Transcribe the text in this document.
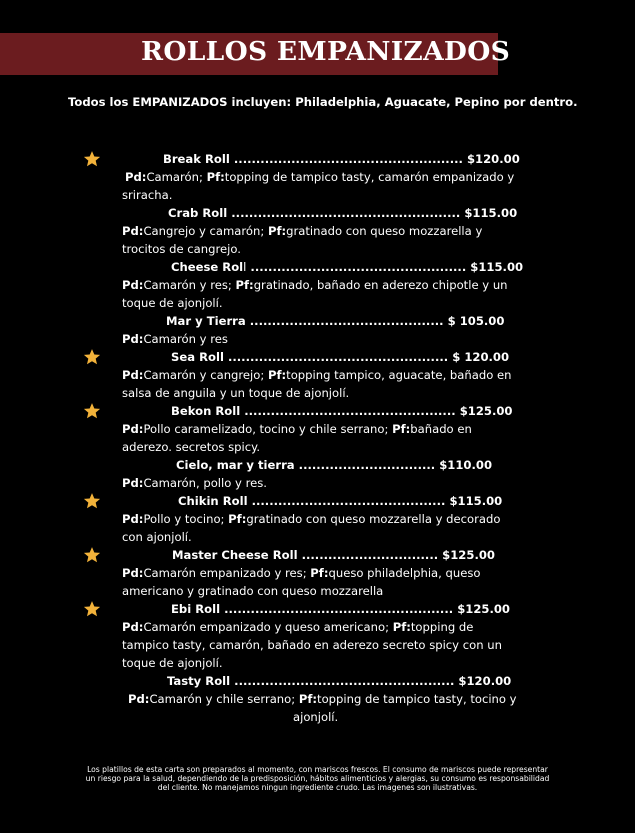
ROLLOS EMPANIZADOS
Todos los EMPANIZADOS incluyen: Philadelphia, Aguacate, Pepino por dentro.
Break Roll .................................................... $120.00
Pd:Camarón; Pf:topping de tampico tasty, camarón empanizado y
sriracha.
Crab Roll .................................................... $115.00
Pd:Cangrejo y camarón; Pf:gratinado con queso mozzarella y
trocitos de cangrejo.
Cheese Roll ................................................. $115.00
Pd:Camarón y res; Pf:gratinado, bañado en aderezo chipotle y un
toque de ajonjolí.
Mar y Tierra ............................................ $ 105.00
Pd:Camarón y res
Sea Roll .................................................. $ 120.00
Pd:Camarón y cangrejo; Pf:topping tampico, aguacate, bañado en
salsa de anguila y un toque de ajonjolí.
Bekon Roll ................................................ $125.00
Pd:Pollo caramelizado, tocino y chile serrano; Pf:bañado en
aderezo. secretos spicy.
Cielo, mar y tierra ............................... $110.00
Pd:Camarón, pollo y res.
Chikin Roll ............................................ $115.00
Pd:Pollo y tocino; Pf:gratinado con queso mozzarella y decorado
con ajonjolí.
Master Cheese Roll ............................... $125.00
Pd:Camarón empanizado y res; Pf:queso philadelphia, queso
americano y gratinado con queso mozzarella
Ebi Roll .................................................... $125.00
Pd:Camarón empanizado y queso americano; Pf:topping de
tampico tasty, camarón, bañado en aderezo secreto spicy con un
toque de ajonjolí.
Tasty Roll .................................................. $120.00
Pd:Camarón y chile serrano; Pf:topping de tampico tasty, tocino y
ajonjolí.
Los platillos de esta carta son preparados al momento, con mariscos frescos. El consumo de mariscos puede representar
un riesgo para la salud, dependiendo de la predisposición, hábitos alimenticios y alergias, su consumo es responsabilidad
del cliente. No manejamos ningun ingrediente crudo. Las imagenes son ilustrativas.
